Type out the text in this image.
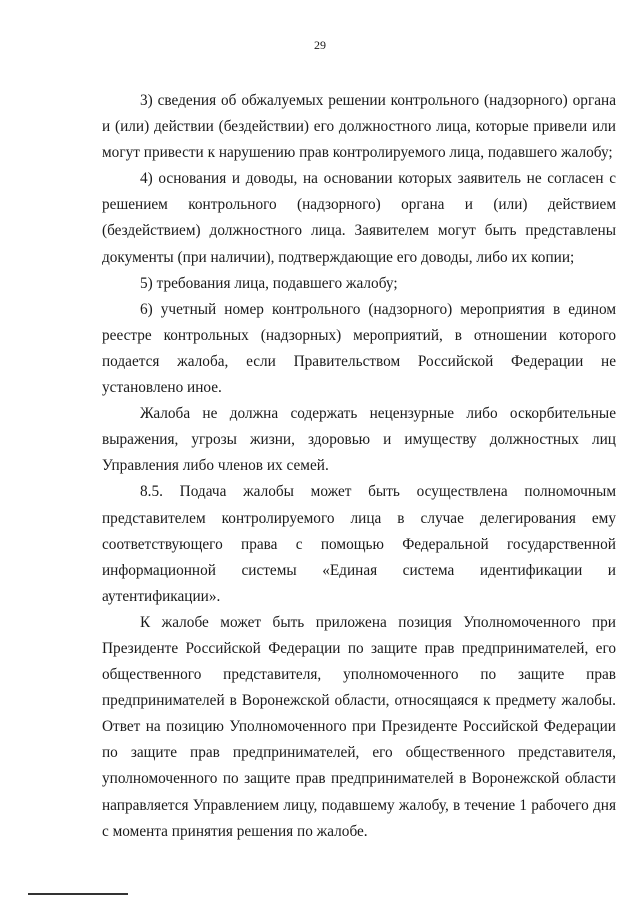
29

3) сведения об обжалуемых решении контрольного (надзорного) органа и (или) действии (бездействии) его должностного лица, которые привели или могут привести к нарушению прав контролируемого лица, подавшего жалобу;

4) основания и доводы, на основании которых заявитель не согласен с решением контрольного (надзорного) органа и (или) действием (бездействием) должностного лица. Заявителем могут быть представлены документы (при наличии), подтверждающие его доводы, либо их копии;

5) требования лица, подавшего жалобу;

6) учетный номер контрольного (надзорного) мероприятия в едином реестре контрольных (надзорных) мероприятий, в отношении которого подается жалоба, если Правительством Российской Федерации не установлено иное.

Жалоба не должна содержать нецензурные либо оскорбительные выражения, угрозы жизни, здоровью и имуществу должностных лиц Управления либо членов их семей.

8.5. Подача жалобы может быть осуществлена полномочным представителем контролируемого лица в случае делегирования ему соответствующего права с помощью Федеральной государственной информационной системы «Единая система идентификации и аутентификации».

К жалобе может быть приложена позиция Уполномоченного при Президенте Российской Федерации по защите прав предпринимателей, его общественного представителя, уполномоченного по защите прав предпринимателей в Воронежской области, относящаяся к предмету жалобы. Ответ на позицию Уполномоченного при Президенте Российской Федерации по защите прав предпринимателей, его общественного представителя, уполномоченного по защите прав предпринимателей в Воронежской области направляется Управлением лицу, подавшему жалобу, в течение 1 рабочего дня с момента принятия решения по жалобе.
